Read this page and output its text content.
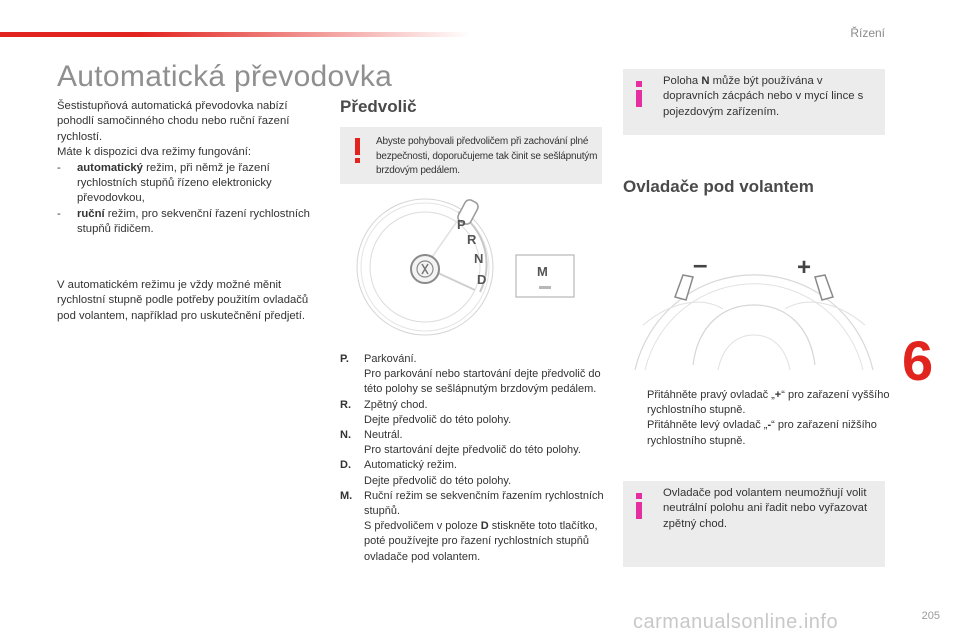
Řízení
Automatická převodovka

Šestistupňová automatická převodovka nabízí pohodlí samočinného chodu nebo ruční řazení rychlostí.

Máte k dispozici dva režimy fungování:

-	automatický režim, při němž je řazení rychlostních stupňů řízeno elektronicky převodovkou,
-	ruční režim, pro sekvenční řazení rychlostních stupňů řidičem.
V automatickém režimu je vždy možné měnit rychlostní stupně podle potřeby použitím ovladačů pod volantem, například pro uskutečnění předjetí.
Předvolič
Abyste pohybovali předvoličem při zachování plné bezpečnosti, doporučujeme tak činit se sešlápnutým brzdovým pedálem.
P
R
N
D
M
P.	Parkování.
Pro parkování nebo startování dejte předvolič do této polohy se sešlápnutým brzdovým pedálem.
R.	Zpětný chod.
Dejte předvolič do této polohy.
N.	Neutrál.
Pro startování dejte předvolič do této polohy.
D.	Automatický režim.
Dejte předvolič do této polohy.
M.	Ruční režim se sekvenčním řazením rychlostních stupňů.
S předvoličem v poloze D stiskněte toto tlačítko, poté používejte pro řazení rychlostních stupňů ovladače pod volantem.
Poloha N může být používána v dopravních zácpách nebo v mycí lince s pojezdovým zařízením.
Ovladače pod volantem
–	+
Přitáhněte pravý ovladač „+“ pro zařazení vyššího rychlostního stupně.
Přitáhněte levý ovladač „-“ pro zařazení nižšího rychlostního stupně.
Ovladače pod volantem neumožňují volit neutrální polohu ani řadit nebo vyřazovat zpětný chod.
6
carmanualsonline.info	205
